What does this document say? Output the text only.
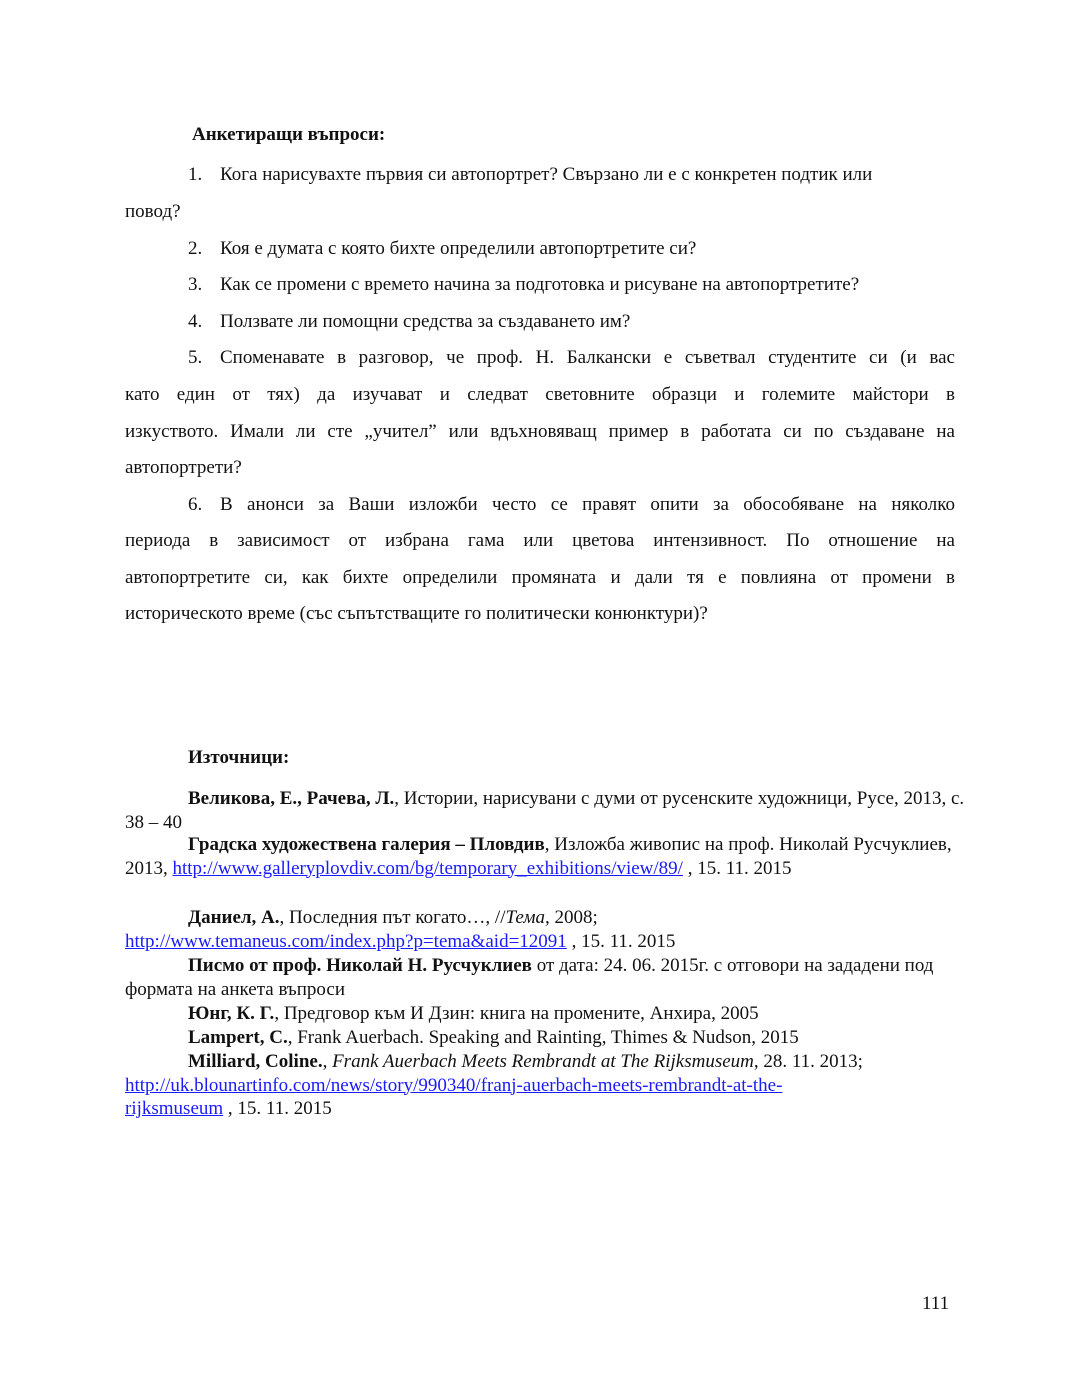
Анкетиращи въпроси:
1. Кога нарисувахте първия си автопортрет? Свързано ли е с конкретен подтик или
повод?
2. Коя е думата с която бихте определили автопортретите си?
3. Как се промени с времето начина за подготовка и рисуване на автопортретите?
4. Ползвате ли помощни средства за създаването им?
5. Споменавате в разговор, че проф. Н. Балкански е съветвал студентите си (и вас
като един от тях) да изучават и следват световните образци и големите майстори в
изкуството. Имали ли сте „учител” или вдъхновяващ пример в работата си по създаване на
автопортрети?
6. В анонси за Ваши изложби често се правят опити за обособяване на няколко
периода в зависимост от избрана гама или цветова интензивност. По отношение на
автопортретите си, как бихте определили промяната и дали тя е повлияна от промени в
историческото време (със съпътстващите го политически конюнктури)?
Източници:
Великова, Е., Рачева, Л., Истории, нарисувани с думи от русенските художници, Русе, 2013, с. 38 – 40
Градска художествена галерия – Пловдив, Изложба живопис на проф. Николай Русчуклиев, 2013, http://www.galleryplovdiv.com/bg/temporary_exhibitions/view/89/ , 15. 11. 2015
Даниел, А., Последния път когато…, //Тема, 2008;
http://www.temaneus.com/index.php?p=tema&aid=12091 , 15. 11. 2015
Писмо от проф. Николай Н. Русчуклиев от дата: 24. 06. 2015г. с отговори на зададени под формата на анкета въпроси
Юнг, К. Г., Предговор към И Дзин: книга на промените, Анхира, 2005
Lampert, C., Frank Auerbach. Speaking and Rainting, Thimes & Nudson, 2015
Milliard, Coline., Frank Auerbach Meets Rembrandt at The Rijksmuseum, 28. 11. 2013;
http://uk.blounartinfo.com/news/story/990340/franj-auerbach-meets-rembrandt-at-the-
rijksmuseum , 15. 11. 2015
111
